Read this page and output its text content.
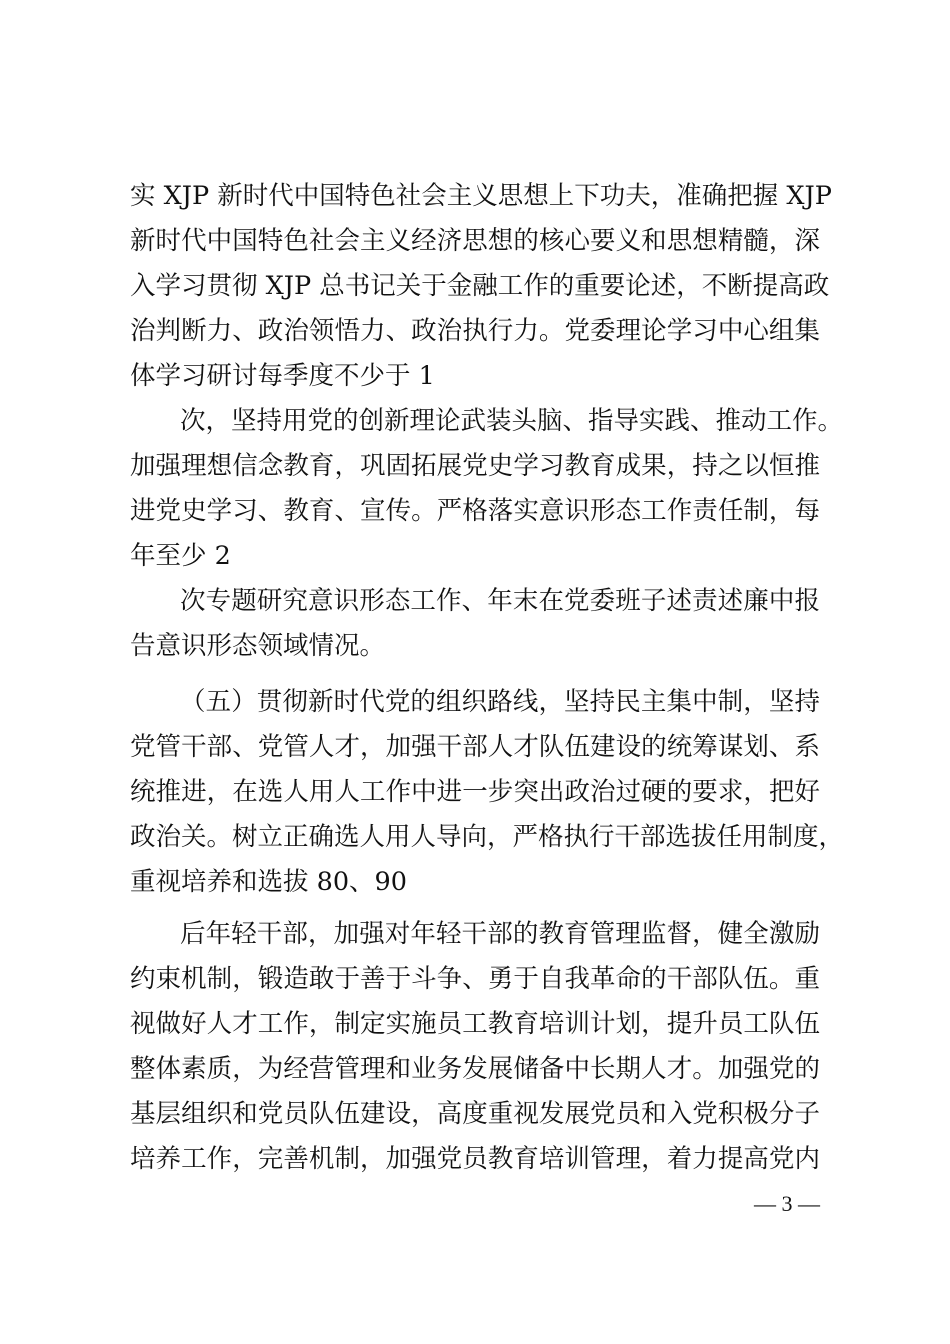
实 XJP 新时代中国特色社会主义思想上下功夫，准确把握 XJP
新时代中国特色社会主义经济思想的核心要义和思想精髓，深
入学习贯彻 XJP 总书记关于金融工作的重要论述，不断提高政
治判断力、政治领悟力、政治执行力。党委理论学习中心组集
体学习研讨每季度不少于 1
次，坚持用党的创新理论武装头脑、指导实践、推动工作。
加强理想信念教育，巩固拓展党史学习教育成果，持之以恒推
进党史学习、教育、宣传。严格落实意识形态工作责任制，每
年至少 2
次专题研究意识形态工作、年末在党委班子述责述廉中报
告意识形态领域情况。
（五）贯彻新时代党的组织路线，坚持民主集中制，坚持
党管干部、党管人才，加强干部人才队伍建设的统筹谋划、系
统推进，在选人用人工作中进一步突出政治过硬的要求，把好
政治关。树立正确选人用人导向，严格执行干部选拔任用制度，
重视培养和选拔 80、90
后年轻干部，加强对年轻干部的教育管理监督，健全激励
约束机制，锻造敢于善于斗争、勇于自我革命的干部队伍。重
视做好人才工作，制定实施员工教育培训计划，提升员工队伍
整体素质，为经营管理和业务发展储备中长期人才。加强党的
基层组织和党员队伍建设，高度重视发展党员和入党积极分子
培养工作，完善机制，加强党员教育培训管理，着力提高党内
— 3 —
